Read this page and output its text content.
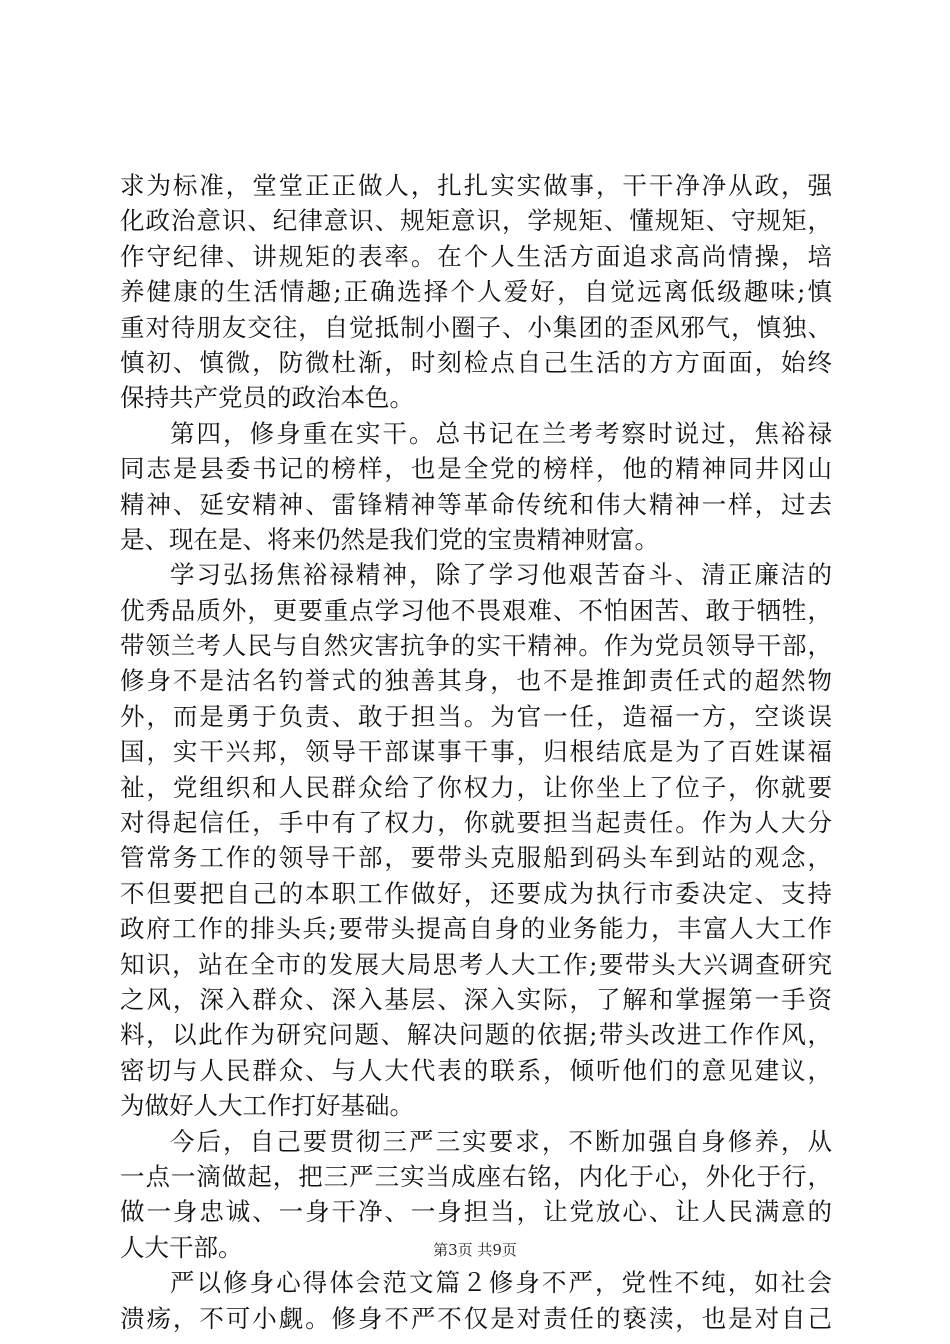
求为标准，堂堂正正做人，扎扎实实做事，干干净净从政，强
化政治意识、纪律意识、规矩意识，学规矩、懂规矩、守规矩，
作守纪律、讲规矩的表率。在个人生活方面追求高尚情操，培
养健康的生活情趣;正确选择个人爱好，自觉远离低级趣味;慎
重对待朋友交往，自觉抵制小圈子、小集团的歪风邪气，慎独、
慎初、慎微，防微杜渐，时刻检点自己生活的方方面面，始终
保持共产党员的政治本色。
第四，修身重在实干。总书记在兰考考察时说过，焦裕禄
同志是县委书记的榜样，也是全党的榜样，他的精神同井冈山
精神、延安精神、雷锋精神等革命传统和伟大精神一样，过去
是、现在是、将来仍然是我们党的宝贵精神财富。
学习弘扬焦裕禄精神，除了学习他艰苦奋斗、清正廉洁的
优秀品质外，更要重点学习他不畏艰难、不怕困苦、敢于牺牲，
带领兰考人民与自然灾害抗争的实干精神。作为党员领导干部，
修身不是沽名钓誉式的独善其身，也不是推卸责任式的超然物
外，而是勇于负责、敢于担当。为官一任，造福一方，空谈误
国，实干兴邦，领导干部谋事干事，归根结底是为了百姓谋福
祉，党组织和人民群众给了你权力，让你坐上了位子，你就要
对得起信任，手中有了权力，你就要担当起责任。作为人大分
管常务工作的领导干部，要带头克服船到码头车到站的观念，
不但要把自己的本职工作做好，还要成为执行市委决定、支持
政府工作的排头兵;要带头提高自身的业务能力，丰富人大工作
知识，站在全市的发展大局思考人大工作;要带头大兴调查研究
之风，深入群众、深入基层、深入实际，了解和掌握第一手资
料，以此作为研究问题、解决问题的依据;带头改进工作作风，
密切与人民群众、与人大代表的联系，倾听他们的意见建议，
为做好人大工作打好基础。
今后，自己要贯彻三严三实要求，不断加强自身修养，从
一点一滴做起，把三严三实当成座右铭，内化于心，外化于行，
做一身忠诚、一身干净、一身担当，让党放心、让人民满意的
人大干部。
严以修身心得体会范文篇２修身不严，党性不纯，如社会
溃疡，不可小觑。修身不严不仅是对责任的亵渎，也是对自己
第3页 共9页
